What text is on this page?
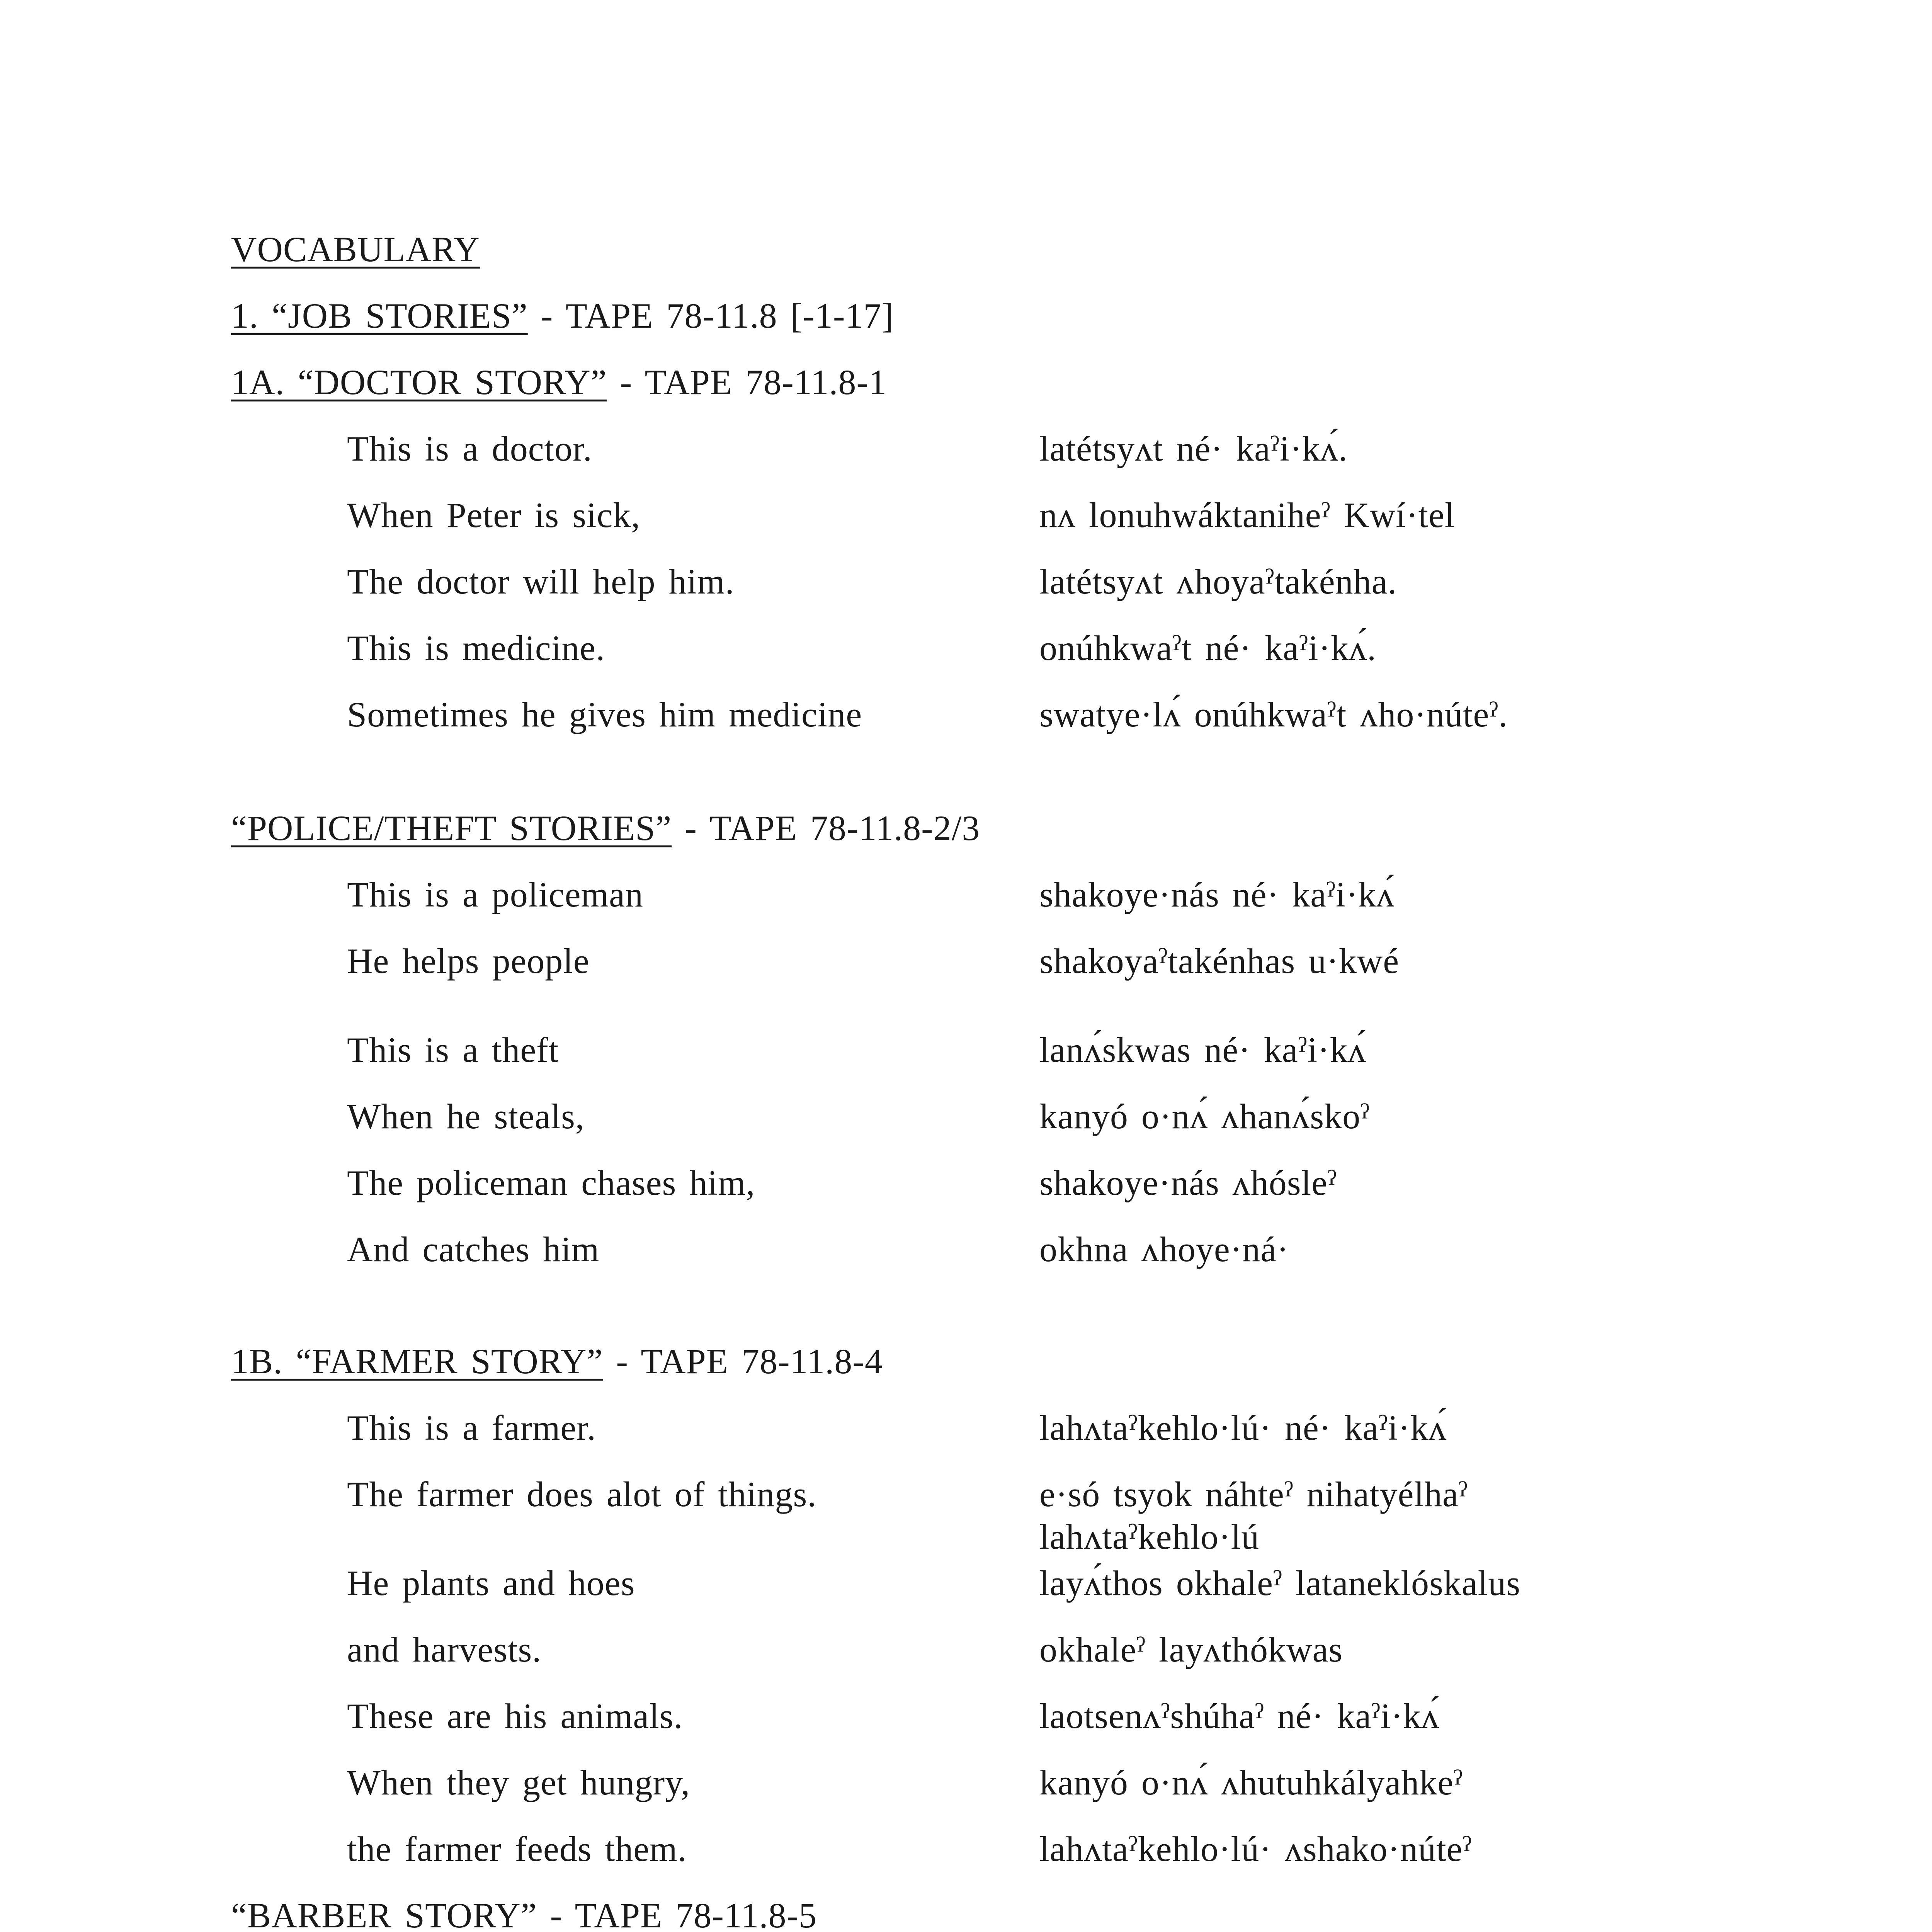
VOCABULARY
1. “JOB STORIES” - TAPE 78-11.8 [-1-17]
1A. “DOCTOR STORY” - TAPE 78-11.8-1
This is a doctor.	latétsyʌt né· kaˀi·kʌ́.
When Peter is sick,	nʌ lonuhwáktaniheˀ Kwí·tel
The doctor will help him.	latétsyʌt ʌhoyaˀtakénha.
This is medicine.	onúhkwaˀt né· kaˀi·kʌ́.
Sometimes he gives him medicine	swatye·lʌ́ onúhkwaˀt ʌho·núteˀ.
“POLICE/THEFT STORIES” - TAPE 78-11.8-2/3
This is a policeman	shakoye·nás né· kaˀi·kʌ́
He helps people	shakoyaˀtakénhas u·kwé
This is a theft	lanʌ́skwas né· kaˀi·kʌ́
When he steals,	kanyó o·nʌ́ ʌhanʌ́skoˀ
The policeman chases him,	shakoye·nás ʌhósleˀ
And catches him	okhna ʌhoye·ná·
1B. “FARMER STORY” - TAPE 78-11.8-4
This is a farmer.	lahʌtaˀkehlo·lú· né· kaˀi·kʌ́
The farmer does alot of things.	e·só tsyok náhteˀ nihatyélhaˀ
lahʌtaˀkehlo·lú
He plants and hoes	layʌ́thos okhaleˀ lataneklóskalus
and harvests.	okhaleˀ layʌthókwas
These are his animals.	laotsenʌˀshúhaˀ né· kaˀi·kʌ́
When they get hungry,	kanyó o·nʌ́ ʌhutuhkályahkeˀ
the farmer feeds them.	lahʌtaˀkehlo·lú· ʌshako·núteˀ
“BARBER STORY” - TAPE 78-11.8-5
